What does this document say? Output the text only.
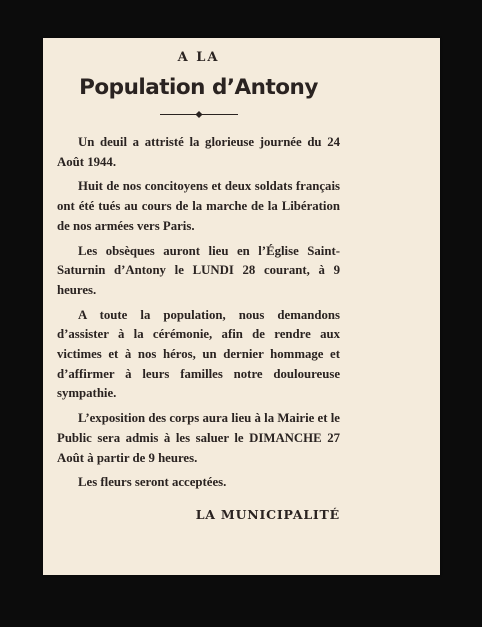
A LA
Population d’Antony

Un deuil a attristé la glorieuse journée du 24 Août 1944.

Huit de nos concitoyens et deux soldats français ont été tués au cours de la marche de la Libération de nos armées vers Paris.

Les obsèques auront lieu en l’Église Saint-Saturnin d’Antony le LUNDI 28 courant, à 9 heures.

A toute la population, nous demandons d’assister à la cérémonie, afin de rendre aux victimes et à nos héros, un dernier hommage et d’affirmer à leurs familles notre douloureuse sympathie.

L’exposition des corps aura lieu à la Mairie et le Public sera admis à les saluer le DIMANCHE 27 Août à partir de 9 heures.

Les fleurs seront acceptées.

LA MUNICIPALITÉ
